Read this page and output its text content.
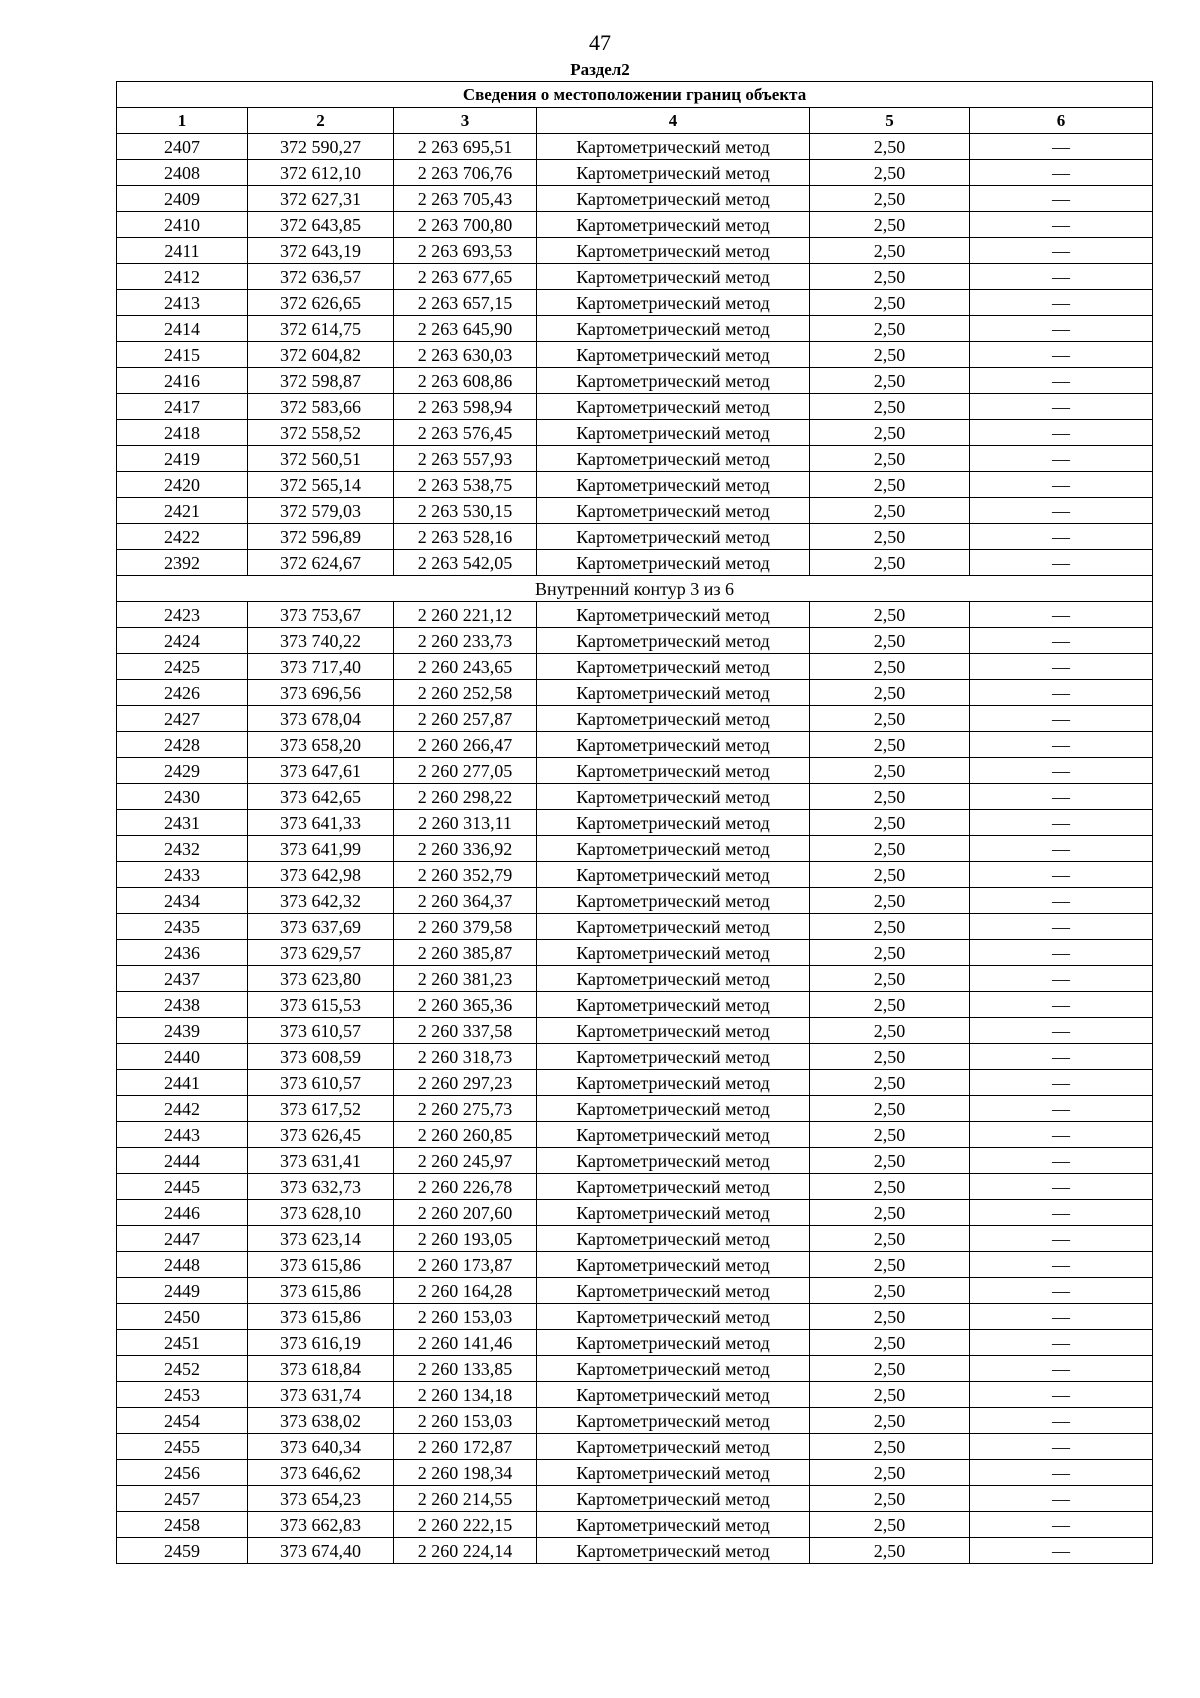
47
Раздел2
Сведения о местоположении границ объекта					
1	2	3	4	5	6
2407	372 590,27	2 263 695,51	Картометрический метод	2,50	—
2408	372 612,10	2 263 706,76	Картометрический метод	2,50	—
2409	372 627,31	2 263 705,43	Картометрический метод	2,50	—
2410	372 643,85	2 263 700,80	Картометрический метод	2,50	—
2411	372 643,19	2 263 693,53	Картометрический метод	2,50	—
2412	372 636,57	2 263 677,65	Картометрический метод	2,50	—
2413	372 626,65	2 263 657,15	Картометрический метод	2,50	—
2414	372 614,75	2 263 645,90	Картометрический метод	2,50	—
2415	372 604,82	2 263 630,03	Картометрический метод	2,50	—
2416	372 598,87	2 263 608,86	Картометрический метод	2,50	—
2417	372 583,66	2 263 598,94	Картометрический метод	2,50	—
2418	372 558,52	2 263 576,45	Картометрический метод	2,50	—
2419	372 560,51	2 263 557,93	Картометрический метод	2,50	—
2420	372 565,14	2 263 538,75	Картометрический метод	2,50	—
2421	372 579,03	2 263 530,15	Картометрический метод	2,50	—
2422	372 596,89	2 263 528,16	Картометрический метод	2,50	—
2392	372 624,67	2 263 542,05	Картометрический метод	2,50	—
Внутренний контур 3 из 6					
2423	373 753,67	2 260 221,12	Картометрический метод	2,50	—
2424	373 740,22	2 260 233,73	Картометрический метод	2,50	—
2425	373 717,40	2 260 243,65	Картометрический метод	2,50	—
2426	373 696,56	2 260 252,58	Картометрический метод	2,50	—
2427	373 678,04	2 260 257,87	Картометрический метод	2,50	—
2428	373 658,20	2 260 266,47	Картометрический метод	2,50	—
2429	373 647,61	2 260 277,05	Картометрический метод	2,50	—
2430	373 642,65	2 260 298,22	Картометрический метод	2,50	—
2431	373 641,33	2 260 313,11	Картометрический метод	2,50	—
2432	373 641,99	2 260 336,92	Картометрический метод	2,50	—
2433	373 642,98	2 260 352,79	Картометрический метод	2,50	—
2434	373 642,32	2 260 364,37	Картометрический метод	2,50	—
2435	373 637,69	2 260 379,58	Картометрический метод	2,50	—
2436	373 629,57	2 260 385,87	Картометрический метод	2,50	—
2437	373 623,80	2 260 381,23	Картометрический метод	2,50	—
2438	373 615,53	2 260 365,36	Картометрический метод	2,50	—
2439	373 610,57	2 260 337,58	Картометрический метод	2,50	—
2440	373 608,59	2 260 318,73	Картометрический метод	2,50	—
2441	373 610,57	2 260 297,23	Картометрический метод	2,50	—
2442	373 617,52	2 260 275,73	Картометрический метод	2,50	—
2443	373 626,45	2 260 260,85	Картометрический метод	2,50	—
2444	373 631,41	2 260 245,97	Картометрический метод	2,50	—
2445	373 632,73	2 260 226,78	Картометрический метод	2,50	—
2446	373 628,10	2 260 207,60	Картометрический метод	2,50	—
2447	373 623,14	2 260 193,05	Картометрический метод	2,50	—
2448	373 615,86	2 260 173,87	Картометрический метод	2,50	—
2449	373 615,86	2 260 164,28	Картометрический метод	2,50	—
2450	373 615,86	2 260 153,03	Картометрический метод	2,50	—
2451	373 616,19	2 260 141,46	Картометрический метод	2,50	—
2452	373 618,84	2 260 133,85	Картометрический метод	2,50	—
2453	373 631,74	2 260 134,18	Картометрический метод	2,50	—
2454	373 638,02	2 260 153,03	Картометрический метод	2,50	—
2455	373 640,34	2 260 172,87	Картометрический метод	2,50	—
2456	373 646,62	2 260 198,34	Картометрический метод	2,50	—
2457	373 654,23	2 260 214,55	Картометрический метод	2,50	—
2458	373 662,83	2 260 222,15	Картометрический метод	2,50	—
2459	373 674,40	2 260 224,14	Картометрический метод	2,50	—
